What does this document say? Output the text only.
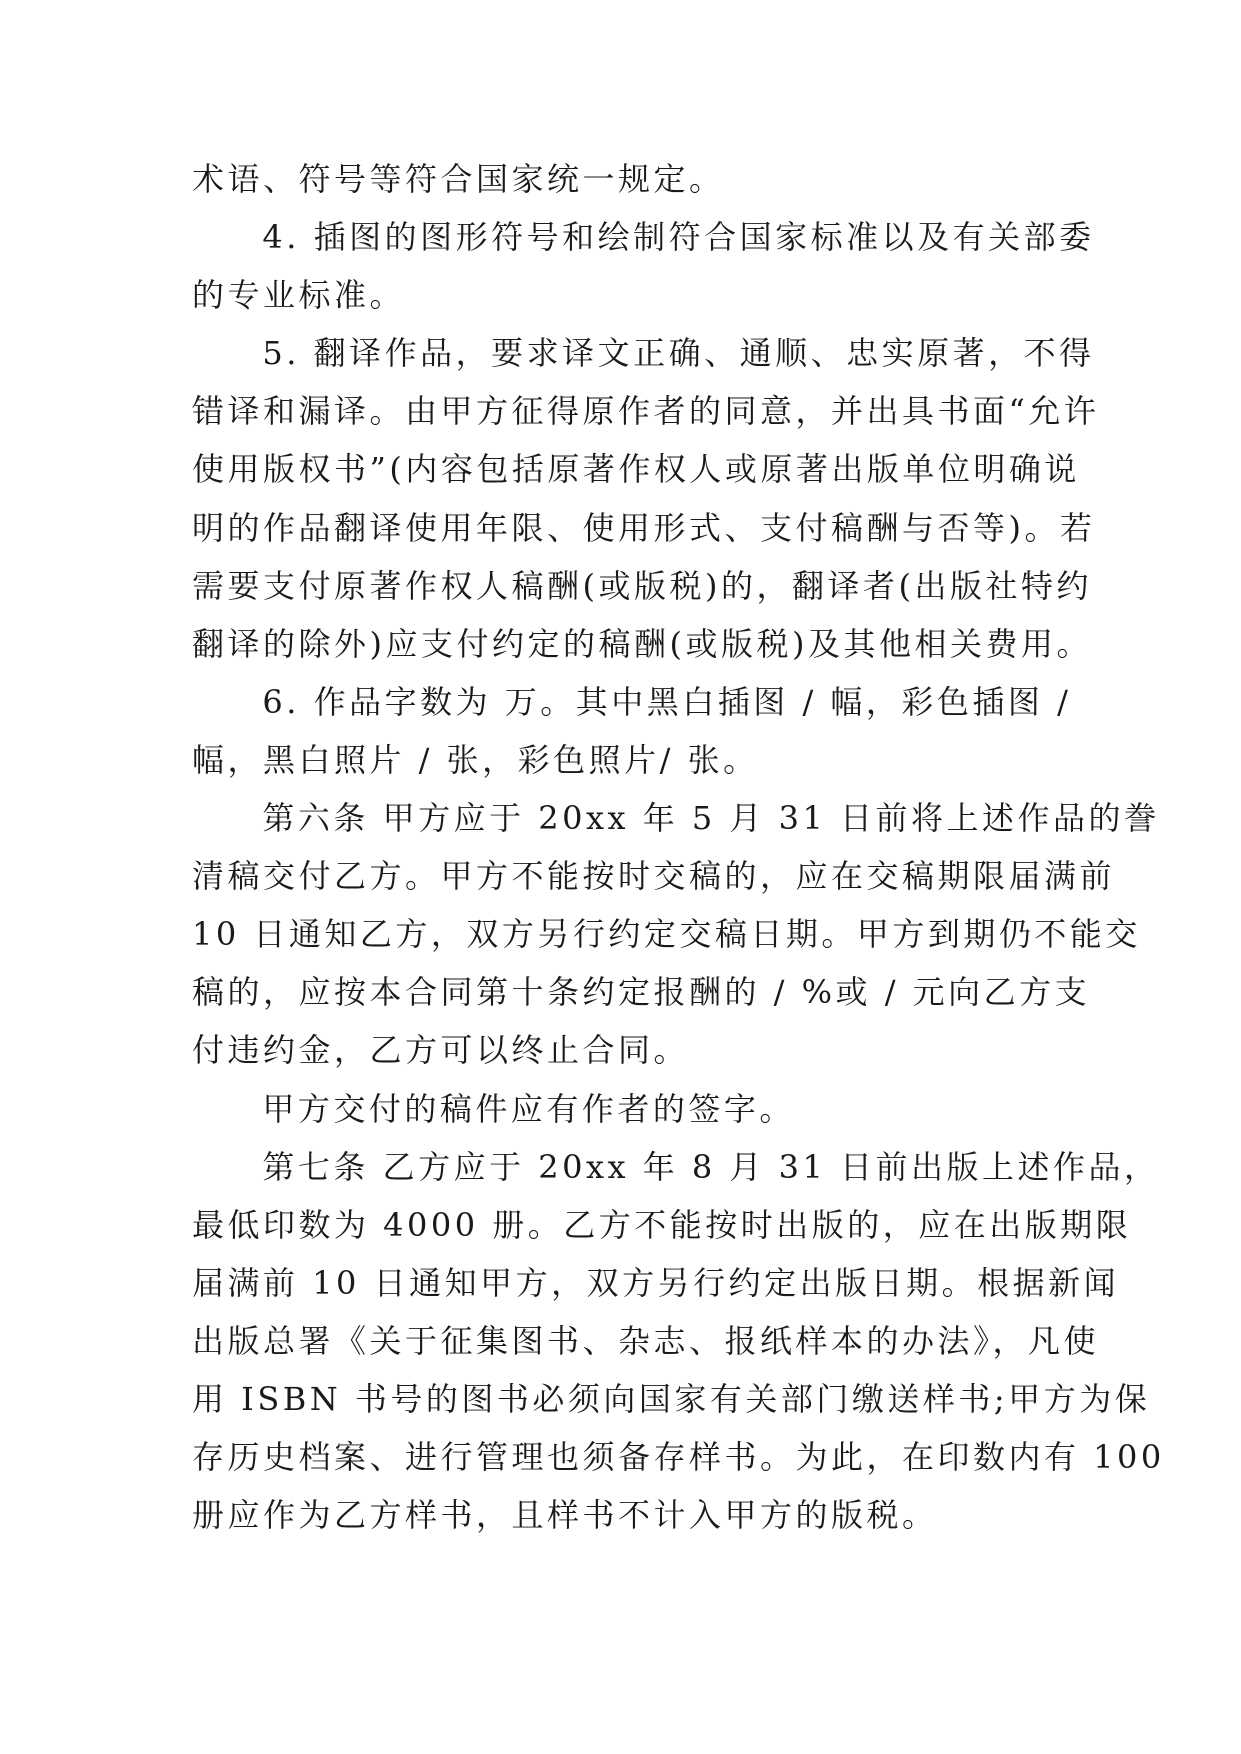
术语、符号等符合国家统一规定。

4. 插图的图形符号和绘制符合国家标准以及有关部委
的专业标准。

5. 翻译作品，要求译文正确、通顺、忠实原著，不得
错译和漏译。由甲方征得原作者的同意，并出具书面“允许
使用版权书”(内容包括原著作权人或原著出版单位明确说
明的作品翻译使用年限、使用形式、支付稿酬与否等)。若
需要支付原著作权人稿酬(或版税)的，翻译者(出版社特约
翻译的除外)应支付约定的稿酬(或版税)及其他相关费用。

6. 作品字数为 万。其中黑白插图 / 幅，彩色插图 /
幅，黑白照片 / 张，彩色照片/ 张。

第六条 甲方应于 20xx 年 5 月 31 日前将上述作品的誊
清稿交付乙方。甲方不能按时交稿的，应在交稿期限届满前
10 日通知乙方，双方另行约定交稿日期。甲方到期仍不能交
稿的，应按本合同第十条约定报酬的 / %或 / 元向乙方支
付违约金，乙方可以终止合同。

甲方交付的稿件应有作者的签字。

第七条 乙方应于 20xx 年 8 月 31 日前出版上述作品，
最低印数为 4000 册。乙方不能按时出版的，应在出版期限
届满前 10 日通知甲方，双方另行约定出版日期。根据新闻
出版总署《关于征集图书、杂志、报纸样本的办法》，凡使
用 ISBN 书号的图书必须向国家有关部门缴送样书;甲方为保
存历史档案、进行管理也须备存样书。为此，在印数内有 100
册应作为乙方样书，且样书不计入甲方的版税。
